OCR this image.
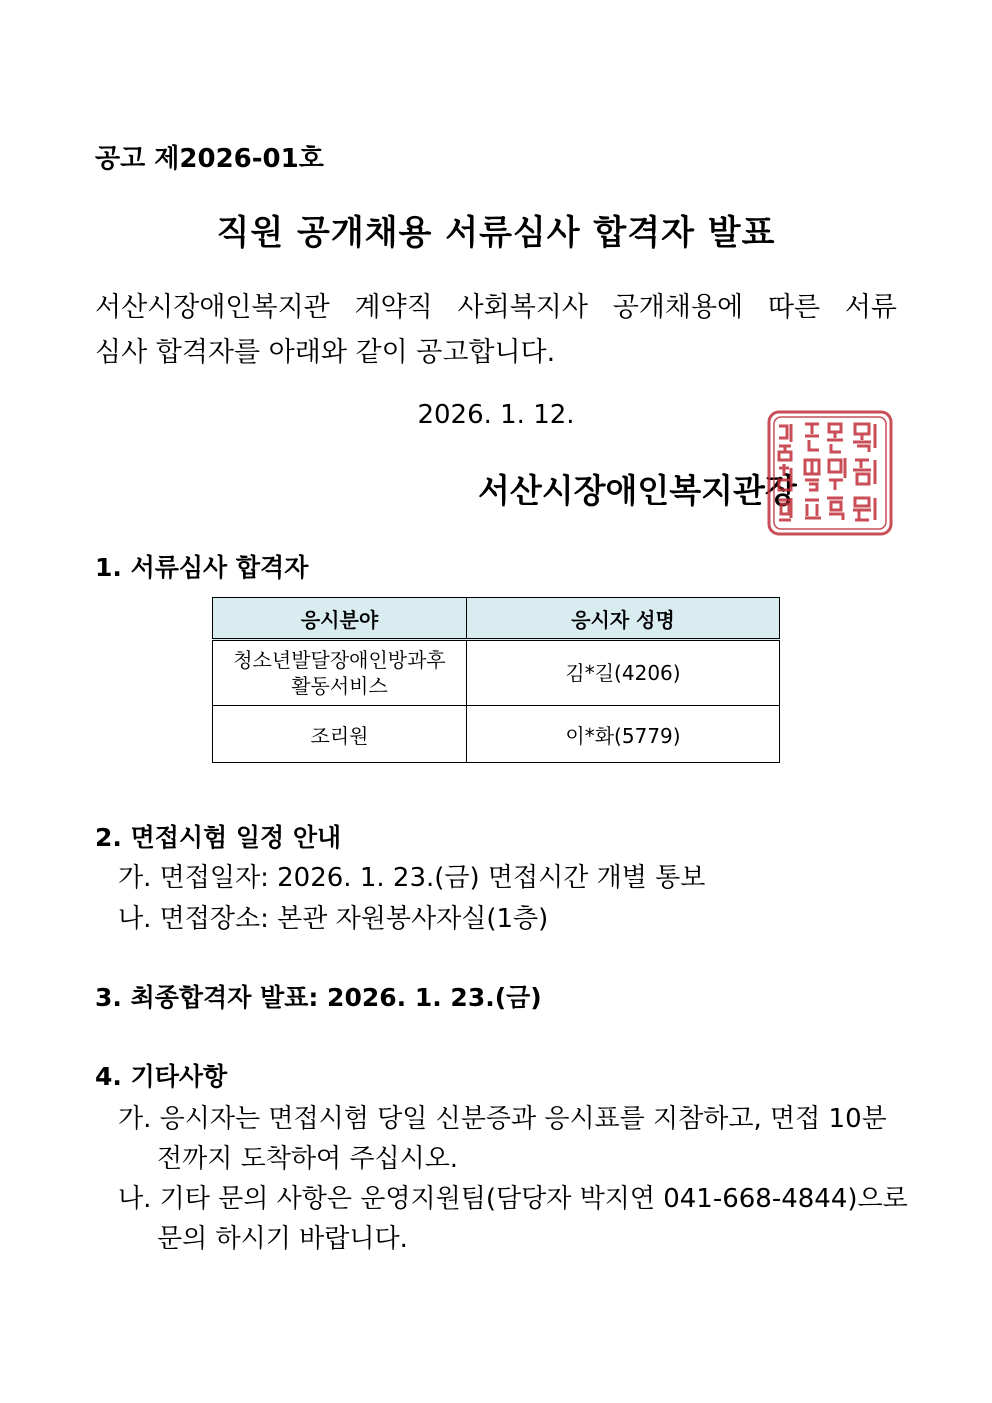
공고 제2026-01호
직원 공개채용 서류심사 합격자 발표
서산시장애인복지관 계약직 사회복지사 공개채용에 따른 서류
심사 합격자를 아래와 같이 공고합니다.
2026. 1. 12.
서산시장애인복지관장
1. 서류심사 합격자
응시분야	응시자 성명

청소년발달장애인방과후
활동서비스	김*길(4206)
조리원	이*화(5779)
2. 면접시험 일정 안내
가. 면접일자: 2026. 1. 23.(금) 면접시간 개별 통보
나. 면접장소: 본관 자원봉사자실(1층)
3. 최종합격자 발표: 2026. 1. 23.(금)
4. 기타사항
가. 응시자는 면접시험 당일 신분증과 응시표를 지참하고, 면접 10분
전까지 도착하여 주십시오.
나. 기타 문의 사항은 운영지원팀(담당자 박지연 041-668-4844)으로
문의 하시기 바랍니다.
